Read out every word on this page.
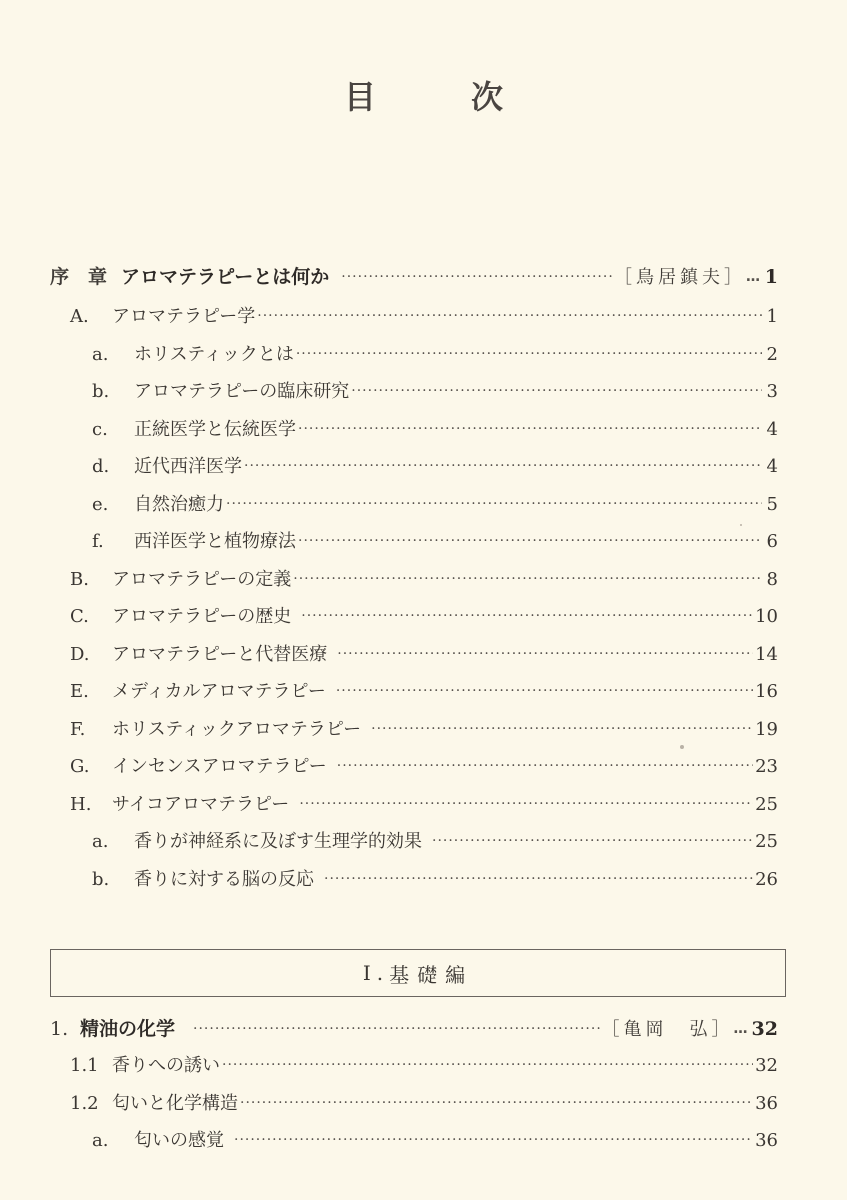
目	次
序　章 アロマテラピーとは何か ·····	［鳥居鎮夫］ … 1
A.	アロマテラピー学 ·····	1
a.	ホリスティックとは ·····	2
b.	アロマテラピーの臨床研究 ·····	3
c.	正統医学と伝統医学 ·····	4
d.	近代西洋医学 ·····	4
e.	自然治癒力 ·····	5
f.	西洋医学と植物療法 ·····	6
B.	アロマテラピーの定義 ·····	8
C.	アロマテラピーの歴史 ·····	10
D.	アロマテラピーと代替医療 ·····	14
E.	メディカルアロマテラピー ·····	16
F.	ホリスティックアロマテラピー ·····	19
G.	インセンスアロマテラピー ·····	23
H.	サイコアロマテラピー ·····	25
a.	香りが神経系に及ぼす生理学的効果 ·····	25
b.	香りに対する脳の反応 ·····	26
1. 精油の化学 ·····	［亀岡　弘］ … 32
1.1 香りへの誘い ·····	32
1.2 匂いと化学構造 ·····	36
a.	匂いの感覚 ·····	36
I. 基礎編
